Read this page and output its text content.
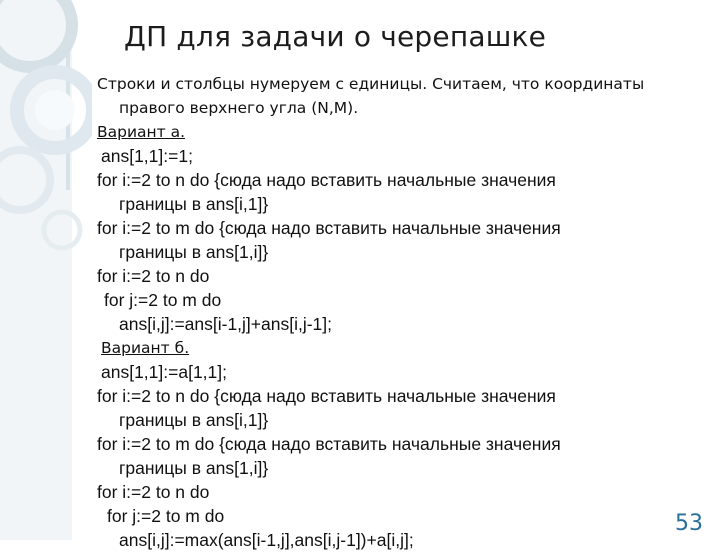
ДП для задачи о черепашке
Строки и столбцы нумеруем с единицы. Считаем, что координаты
правого верхнего угла (N,M).
Вариант а.
ans[1,1]:=1;
for i:=2 to n do {сюда надо вставить начальные значения
границы в ans[i,1]}
for i:=2 to m do {сюда надо вставить начальные значения
границы в ans[1,i]}
for i:=2 to n do
for j:=2 to m do
ans[i,j]:=ans[i-1,j]+ans[i,j-1];
Вариант б.
ans[1,1]:=a[1,1];
for i:=2 to n do {сюда надо вставить начальные значения
границы в ans[i,1]}
for i:=2 to m do {сюда надо вставить начальные значения
границы в ans[1,i]}
for i:=2 to n do
for j:=2 to m do
ans[i,j]:=max(ans[i-1,j],ans[i,j-1])+a[i,j];
53
